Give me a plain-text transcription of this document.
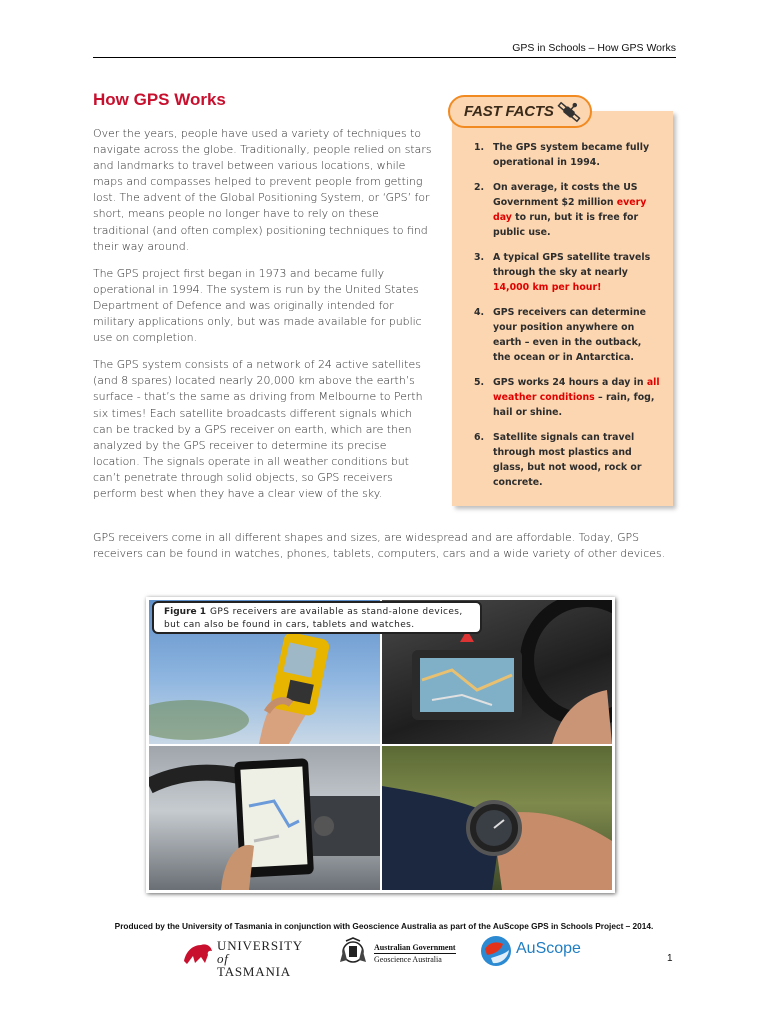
GPS in Schools – How GPS Works
How GPS Works

Over the years, people have used a variety of techniques to navigate across the globe. Traditionally, people relied on stars and landmarks to travel between various locations, while maps and compasses helped to prevent people from getting lost. The advent of the Global Positioning System, or ‘GPS’ for short, means people no longer have to rely on these traditional (and often complex) positioning techniques to find their way around.

The GPS project first began in 1973 and became fully operational in 1994. The system is run by the United States Department of Defence and was originally intended for military applications only, but was made available for public use on completion.

The GPS system consists of a network of 24 active satellites (and 8 spares) located nearly 20,000 km above the earth’s surface - that’s the same as driving from Melbourne to Perth six times! Each satellite broadcasts different signals which can be tracked by a GPS receiver on earth, which are then analyzed by the GPS receiver to determine its precise location. The signals operate in all weather conditions but can’t penetrate through solid objects, so GPS receivers perform best when they have a clear view of the sky.

FAST FACTS
1. The GPS system became fully operational in 1994.
2. On average, it costs the US Government $2 million every day to run, but it is free for public use.
3. A typical GPS satellite travels through the sky at nearly 14,000 km per hour!
4. GPS receivers can determine your position anywhere on earth – even in the outback, the ocean or in Antarctica.
5. GPS works 24 hours a day in all weather conditions – rain, fog, hail or shine.
6. Satellite signals can travel through most plastics and glass, but not wood, rock or concrete.

GPS receivers come in all different shapes and sizes, are widespread and are affordable. Today, GPS receivers can be found in watches, phones, tablets, computers, cars and a wide variety of other devices.

Figure 1 GPS receivers are available as stand-alone devices, but can also be found in cars, tablets and watches.
Produced by the University of Tasmania in conjunction with Geoscience Australia as part of the AuScope GPS in Schools Project – 2014.
UNIVERSITY
of
TASMANIA
Australian Government
Geoscience Australia
AuScope
1
